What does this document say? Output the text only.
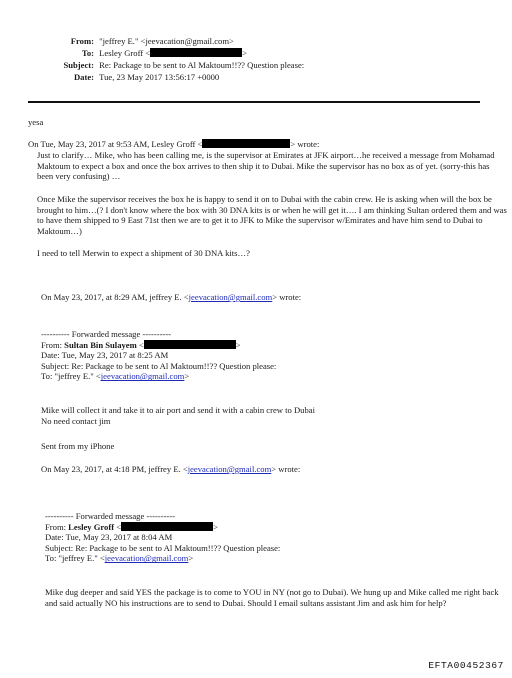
From: "jeffrey E." <jeevacation@gmail.com>
To: Lesley Groff <	>
Subject: Re: Package to be sent to Al Maktoum!!?? Question please:
Date: Tue, 23 May 2017 13:56:17 +0000
yesa
On Tue, May 23, 2017 at 9:53 AM, Lesley Groff <	> wrote:
Just to clarify… Mike, who has been calling me, is the supervisor at Emirates at JFK airport…he received a message from Mohamad Maktoum to expect a box and once the box arrives to then ship it to Dubai. Mike the supervisor has no box as of yet. (sorry-this has been very confusing) …
Once Mike the supervisor receives the box he is happy to send it on to Dubai with the cabin crew. He is asking when will the box be brought to him…(? I don't know where the box with 30 DNA kits is or when he will get it…. I am thinking Sultan ordered them and was to have them shipped to 9 East 71st then we are to get it to JFK to Mike the supervisor w/Emirates and have him send to Dubai to Maktoum…)
I need to tell Merwin to expect a shipment of 30 DNA kits…?
On May 23, 2017, at 8:29 AM, jeffrey E. <jeevacation@gmail.com> wrote:
---------- Forwarded message ----------
From: Sultan Bin Sulayem <	>
Date: Tue, May 23, 2017 at 8:25 AM
Subject: Re: Package to be sent to Al Maktoum!!?? Question please:
To: "jeffrey E." <jeevacation@gmail.com>
Mike will collect it and take it to air port and send it with a cabin crew to Dubai
No need contact jim
Sent from my iPhone
On May 23, 2017, at 4:18 PM, jeffrey E. <jeevacation@gmail.com> wrote:
---------- Forwarded message ----------
From: Lesley Groff <	>
Date: Tue, May 23, 2017 at 8:04 AM
Subject: Re: Package to be sent to Al Maktoum!!?? Question please:
To: "jeffrey E." <jeevacation@gmail.com>
Mike dug deeper and said YES the package is to come to YOU in NY (not go to Dubai). We hung up and Mike called me right back and said actually NO his instructions are to send to Dubai. Should I email sultans assistant Jim and ask him for help?
EFTA00452367
